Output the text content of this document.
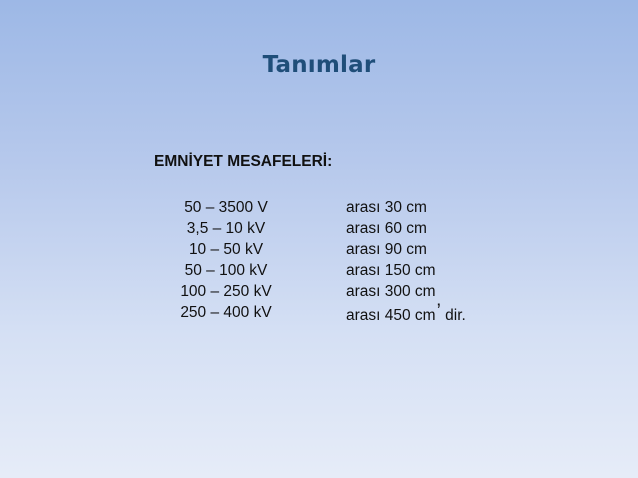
Tanımlar
EMNİYET MESAFELERİ:
50 – 3500 V	arası 30 cm
3,5 – 10 kV	arası 60 cm
10 – 50 kV	arası 90 cm
50 – 100 kV	arası 150 cm
100 – 250 kV	arası 300 cm
250 – 400 kV	arası 450 cm’ dir.
